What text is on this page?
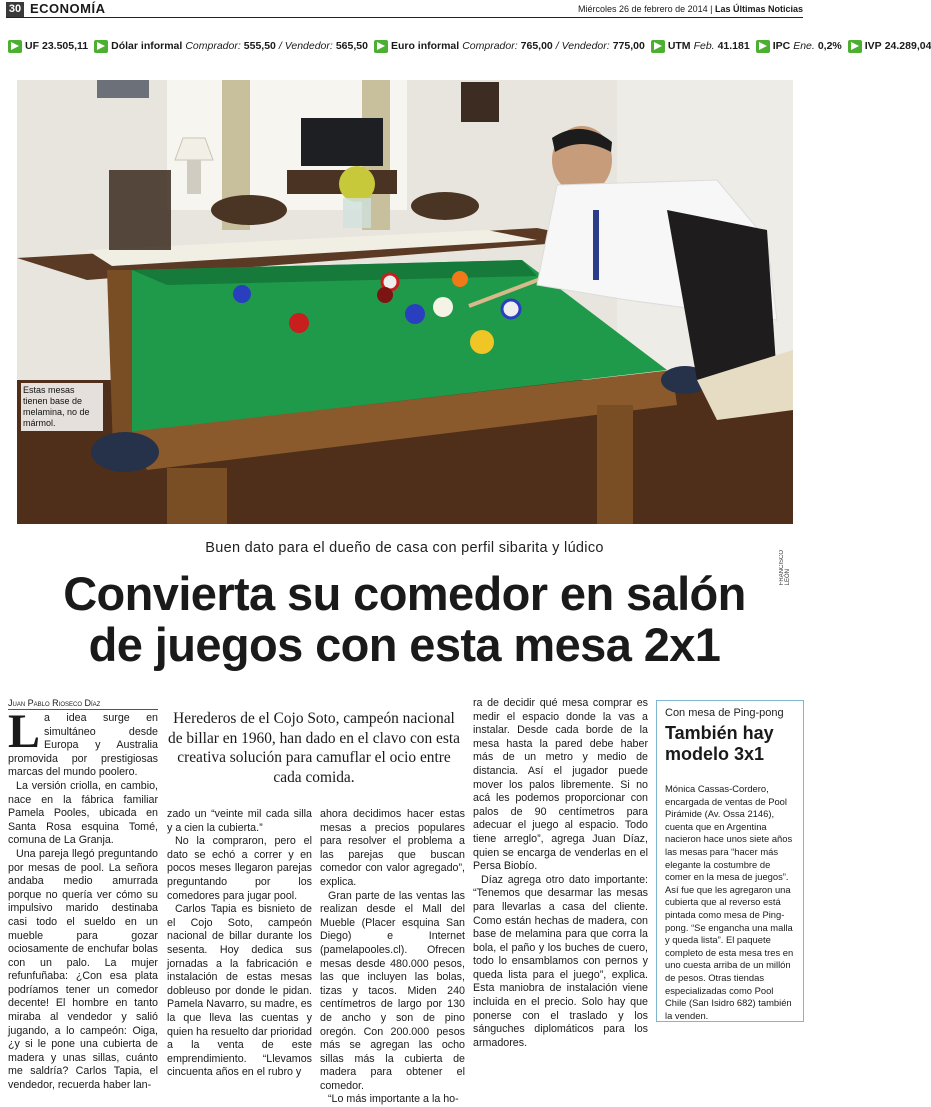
30 ECONOMÍA	Miércoles 26 de febrero de 2014 | Las Últimas Noticias
UF 23.505,11 Dólar informal Comprador: 555,50 / Vendedor: 565,50 Euro informal Comprador: 765,00 / Vendedor: 775,00 UTM Feb. 41.181 IPC Ene. 0,2% IVP 24.289,04
Estas mesas tienen base de melamina, no de mármol.
FRANCISCO LEÓN
Buen dato para el dueño de casa con perfil sibarita y lúdico
Convierta su comedor en salón
de juegos con esta mesa 2x1
Juan Pablo Rioseco Díaz
Herederos de el Cojo Soto, campeón nacional de billar en 1960, han dado en el clavo con esta creativa solución para camuflar el ocio entre cada comida.
L a idea surge en simultáneo desde Europa y Australia promovida por prestigiosas marcas del mundo poolero.

La versión criolla, en cambio, nace en la fábrica familiar Pamela Pooles, ubicada en Santa Rosa esquina Tomé, comuna de La Granja.

Una pareja llegó preguntando por mesas de pool. La señora andaba medio amurrada porque no quería ver cómo su impulsivo marido destinaba casi todo el sueldo en un mueble para gozar ociosamente de enchufar bolas con un palo. La mujer refunfuñaba: ¿Con esa plata podríamos tener un comedor decente! El hombre en tanto miraba al vendedor y salió jugando, a lo campeón: Oiga, ¿y si le pone una cubierta de madera y unas sillas, cuánto me saldría? Carlos Tapia, el vendedor, recuerda haber lan-

zado un “veinte mil cada silla y a cien la cubierta.”

No la compraron, pero el dato se echó a correr y en pocos meses llegaron parejas preguntando por los comedores para jugar pool.

Carlos Tapia es bisnieto de el Cojo Soto, campeón nacional de billar durante los sesenta. Hoy dedica sus jornadas a la fabricación e instalación de estas mesas dobleuso por donde le pidan. Pamela Navarro, su madre, es la que lleva las cuentas y quien ha resuelto dar prioridad a la venta de este emprendimiento. “Llevamos cincuenta años en el rubro y

ahora decidimos hacer estas mesas a precios populares para resolver el problema a las parejas que buscan comedor con valor agregado”, explica.

Gran parte de las ventas las realizan desde el Mall del Mueble (Placer esquina San Diego) e Internet (pamelapooles.cl). Ofrecen mesas desde 480.000 pesos, las que incluyen las bolas, tizas y tacos. Miden 240 centímetros de largo por 130 de ancho y son de pino oregón. Con 200.000 pesos más se agregan las ocho sillas más la cubierta de madera para obtener el comedor.

“Lo más importante a la ho-

ra de decidir qué mesa comprar es medir el espacio donde la vas a instalar. Desde cada borde de la mesa hasta la pared debe haber más de un metro y medio de distancia. Así el jugador puede mover los palos libremente. Si no acá les podemos proporcionar con palos de 90 centímetros para adecuar el juego al espacio. Todo tiene arreglo”, agrega Juan Díaz, quien se encarga de venderlas en el Persa Biobío.

Díaz agrega otro dato importante: “Tenemos que desarmar las mesas para llevarlas a casa del cliente. Como están hechas de madera, con base de melamina para que corra la bola, el paño y los buches de cuero, todo lo ensamblamos con pernos y queda lista para el juego”, explica. Esta maniobra de instalación viene incluida en el precio. Solo hay que ponerse con el traslado y los sánguches diplomáticos para los armadores.

Con mesa de Ping-pong
También hay modelo 3x1
Mónica Cassas-Cordero, encargada de ventas de Pool Pirámide (Av. Ossa 2146), cuenta que en Argentina nacieron hace unos siete años las mesas para “hacer más elegante la costumbre de comer en la mesa de juegos”. Así fue que les agregaron una cubierta que al reverso está pintada como mesa de Ping-pong. “Se engancha una malla y queda lista”. El paquete completo de esta mesa tres en uno cuesta arriba de un millón de pesos. Otras tiendas especializadas como Pool Chile (San Isidro 682) también la venden.
